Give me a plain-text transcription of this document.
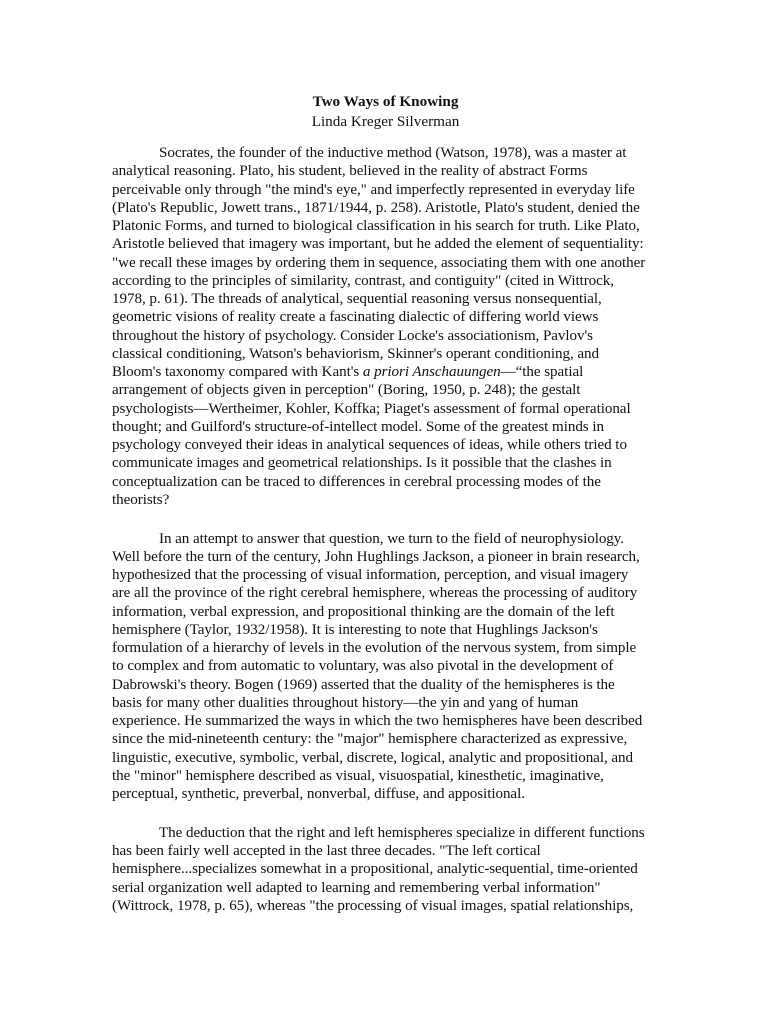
Two Ways of Knowing
Linda Kreger Silverman
Socrates, the founder of the inductive method (Watson, 1978), was a master at
analytical reasoning. Plato, his student, believed in the reality of abstract Forms
perceivable only through "the mind's eye," and imperfectly represented in everyday life
(Plato's Republic, Jowett trans., 1871/1944, p. 258). Aristotle, Plato's student, denied the
Platonic Forms, and turned to biological classification in his search for truth. Like Plato,
Aristotle believed that imagery was important, but he added the element of sequentiality:
"we recall these images by ordering them in sequence, associating them with one another
according to the principles of similarity, contrast, and contiguity" (cited in Wittrock,
1978, p. 61). The threads of analytical, sequential reasoning versus nonsequential,
geometric visions of reality create a fascinating dialectic of differing world views
throughout the history of psychology. Consider Locke's associationism, Pavlov's
classical conditioning, Watson's behaviorism, Skinner's operant conditioning, and
Bloom's taxonomy compared with Kant's a priori Anschauungen—“the spatial
arrangement of objects given in perception" (Boring, 1950, p. 248); the gestalt
psychologists—Wertheimer, Kohler, Koffka; Piaget's assessment of formal operational
thought; and Guilford's structure-of-intellect model. Some of the greatest minds in
psychology conveyed their ideas in analytical sequences of ideas, while others tried to
communicate images and geometrical relationships. Is it possible that the clashes in
conceptualization can be traced to differences in cerebral processing modes of the
theorists?
In an attempt to answer that question, we turn to the field of neurophysiology.
Well before the turn of the century, John Hughlings Jackson, a pioneer in brain research,
hypothesized that the processing of visual information, perception, and visual imagery
are all the province of the right cerebral hemisphere, whereas the processing of auditory
information, verbal expression, and propositional thinking are the domain of the left
hemisphere (Taylor, 1932/1958). It is interesting to note that Hughlings Jackson's
formulation of a hierarchy of levels in the evolution of the nervous system, from simple
to complex and from automatic to voluntary, was also pivotal in the development of
Dabrowski's theory. Bogen (1969) asserted that the duality of the hemispheres is the
basis for many other dualities throughout history—the yin and yang of human
experience. He summarized the ways in which the two hemispheres have been described
since the mid-nineteenth century: the "major" hemisphere characterized as expressive,
linguistic, executive, symbolic, verbal, discrete, logical, analytic and propositional, and
the "minor" hemisphere described as visual, visuospatial, kinesthetic, imaginative,
perceptual, synthetic, preverbal, nonverbal, diffuse, and appositional.
The deduction that the right and left hemispheres specialize in different functions
has been fairly well accepted in the last three decades. "The left cortical
hemisphere...specializes somewhat in a propositional, analytic-sequential, time-oriented
serial organization well adapted to learning and remembering verbal information"
(Wittrock, 1978, p. 65), whereas "the processing of visual images, spatial relationships,
